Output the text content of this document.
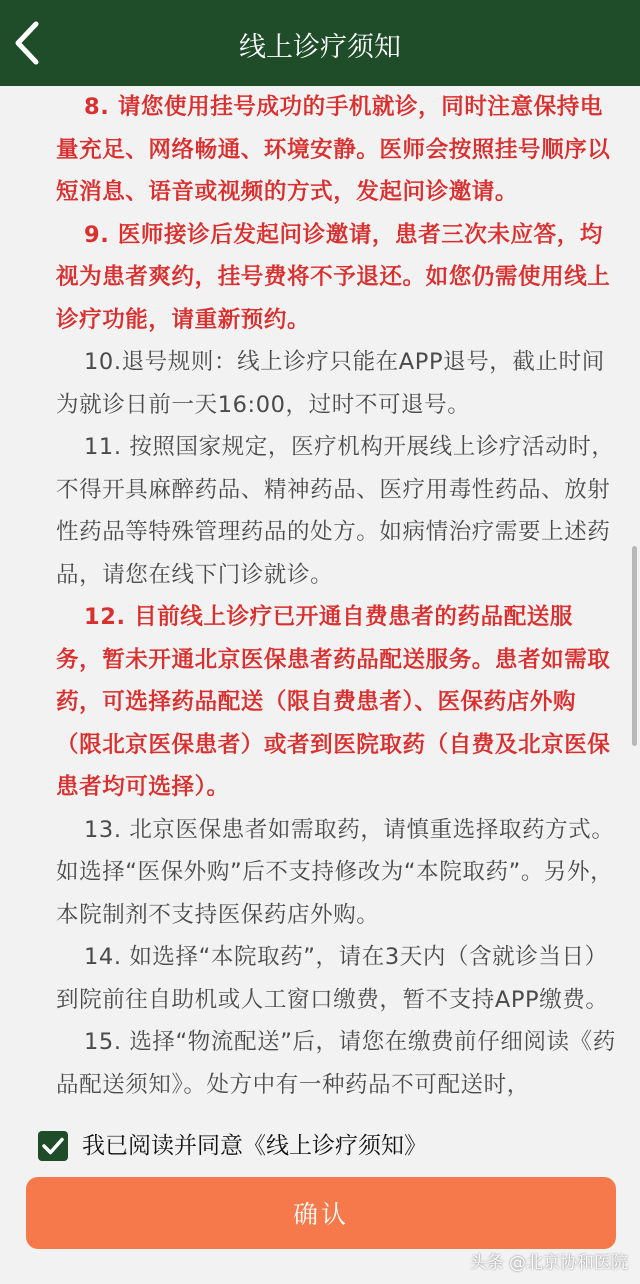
线上诊疗须知

8. 请您使用挂号成功的手机就诊，同时注意保持电量充足、网络畅通、环境安静。医师会按照挂号顺序以短消息、语音或视频的方式，发起问诊邀请。

9. 医师接诊后发起问诊邀请，患者三次未应答，均视为患者爽约，挂号费将不予退还。如您仍需使用线上诊疗功能，请重新预约。

10.退号规则：线上诊疗只能在APP退号，截止时间为就诊日前一天16:00，过时不可退号。

11. 按照国家规定，医疗机构开展线上诊疗活动时，不得开具麻醉药品、精神药品、医疗用毒性药品、放射性药品等特殊管理药品的处方。如病情治疗需要上述药品，请您在线下门诊就诊。

12. 目前线上诊疗已开通自费患者的药品配送服务，暂未开通北京医保患者药品配送服务。患者如需取药，可选择药品配送（限自费患者）、医保药店外购（限北京医保患者）或者到医院取药（自费及北京医保患者均可选择）。

13. 北京医保患者如需取药，请慎重选择取药方式。如选择“医保外购”后不支持修改为“本院取药”。另外，本院制剂不支持医保药店外购。

14. 如选择“本院取药”，请在3天内（含就诊当日）到院前往自助机或人工窗口缴费，暂不支持APP缴费。

15. 选择“物流配送”后，请您在缴费前仔细阅读《药品配送须知》。处方中有一种药品不可配送时，

我已阅读并同意《线上诊疗须知》
确认
头条 @北京协和医院
